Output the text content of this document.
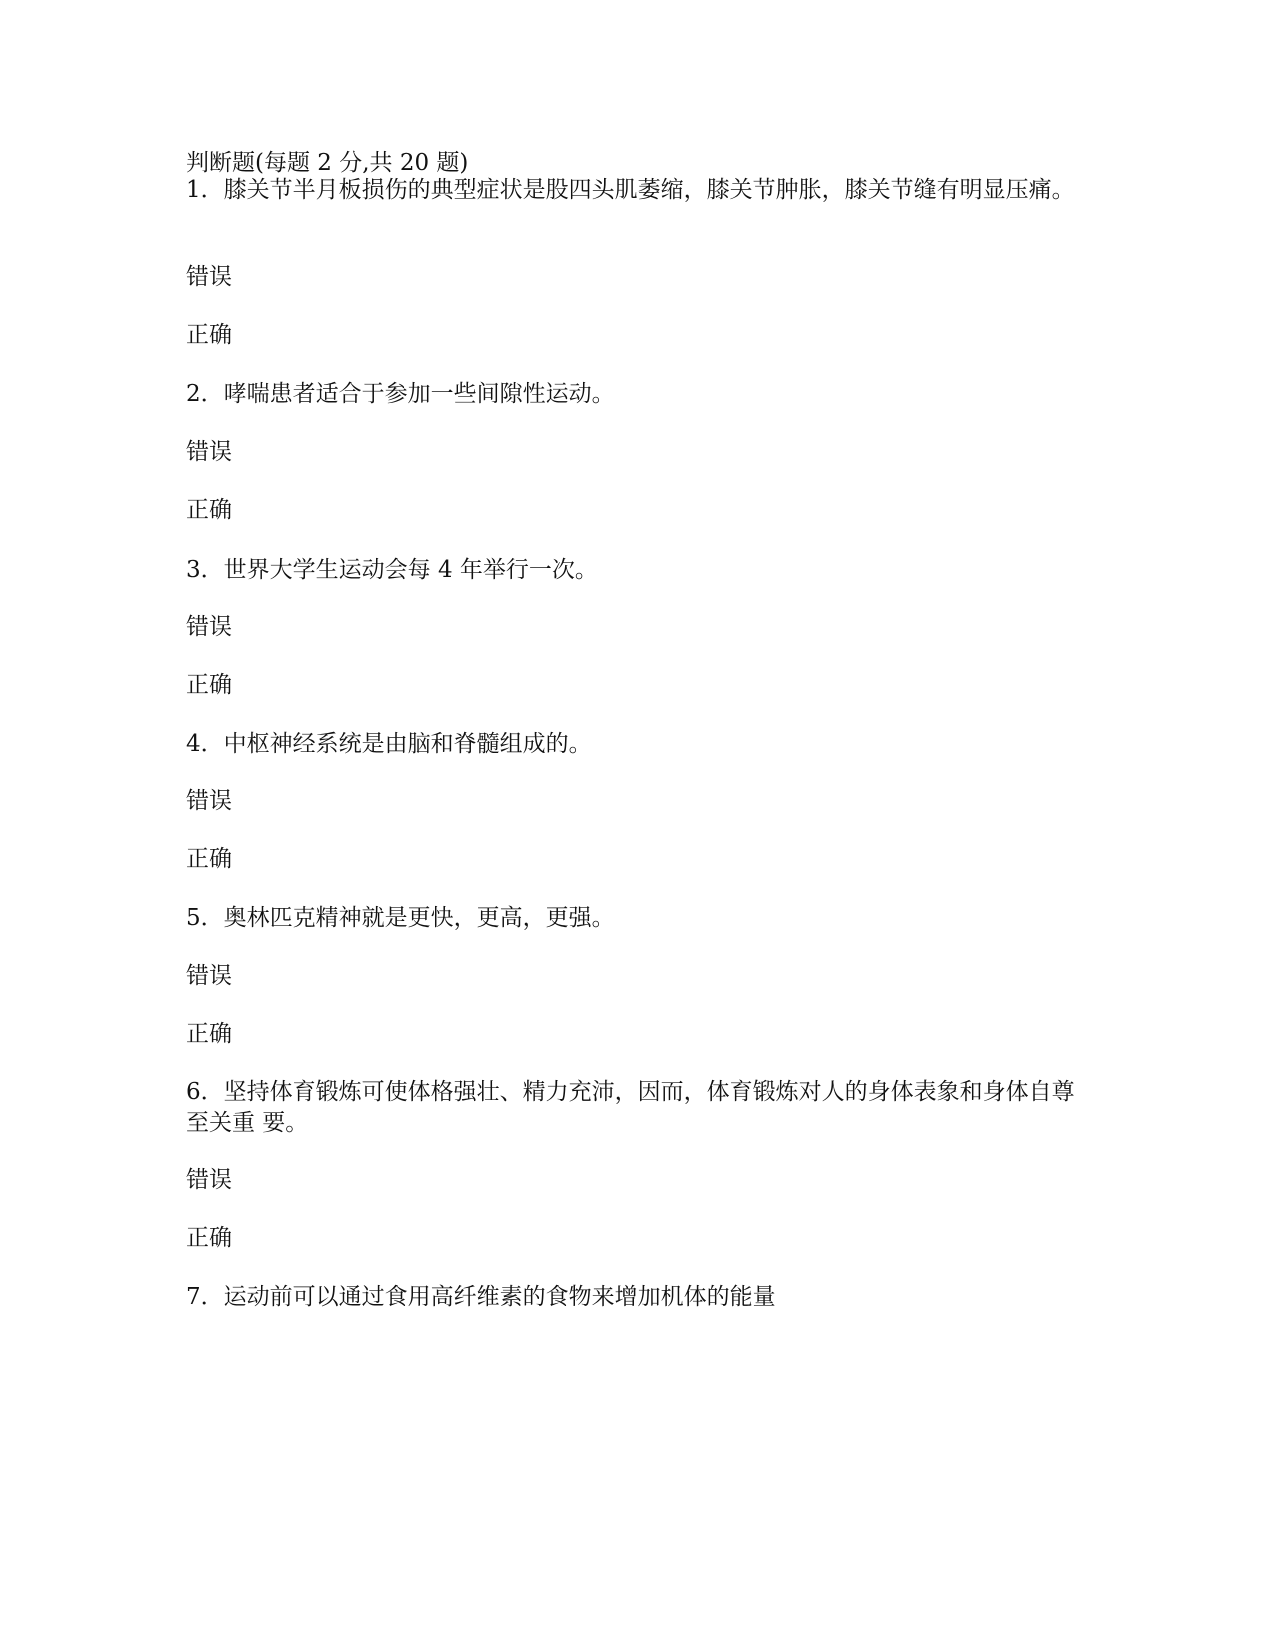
判断题(每题 2 分,共 20 题)
1．膝关节半月板损伤的典型症状是股四头肌萎缩，膝关节肿胀，膝关节缝有明显压痛。
错误
正确
2．哮喘患者适合于参加一些间隙性运动。
错误
正确
3．世界大学生运动会每 4 年举行一次。
错误
正确
4．中枢神经系统是由脑和脊髓组成的。
错误
正确
5．奥林匹克精神就是更快，更高，更强。
错误
正确
6．坚持体育锻炼可使体格强壮、精力充沛，因而，体育锻炼对人的身体表象和身体自尊至关重 要。
错误
正确
7．运动前可以通过食用高纤维素的食物来增加机体的能量
